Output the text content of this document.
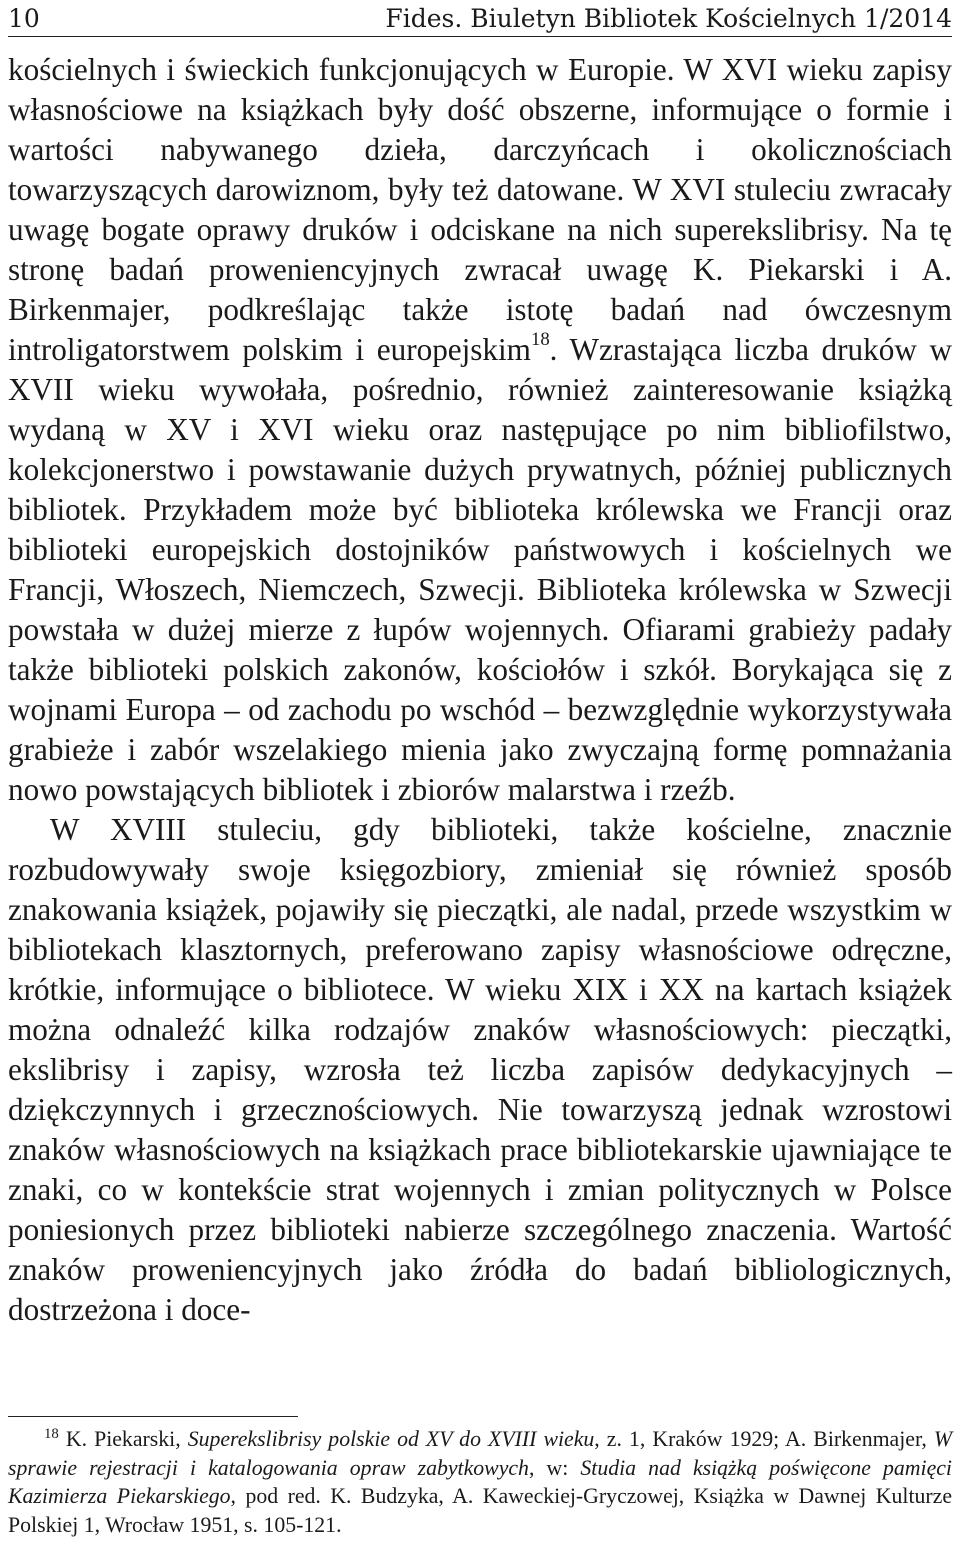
10	Fides. Biuletyn Bibliotek Kościelnych 1/2014

kościelnych i świeckich funkcjonujących w Europie. W XVI wieku zapisy własnościowe na książkach były dość obszerne, informujące o formie i wartości nabywanego dzieła, darczyńcach i okolicznościach towarzyszących darowiznom, były też datowane. W XVI stuleciu zwracały uwagę bogate oprawy druków i odciskane na nich superekslibrisy. Na tę stronę badań proweniencyjnych zwracał uwagę K. Piekarski i A. Birkenmajer, podkreślając także istotę badań nad ówczesnym introligatorstwem polskim i europejskim$^{18}$. Wzrastająca liczba druków w XVII wieku wywołała, pośrednio, również zainteresowanie książką wydaną w XV i XVI wieku oraz następujące po nim bibliofilstwo, kolekcjonerstwo i powstawanie dużych prywatnych, później publicznych bibliotek. Przykładem może być biblioteka królewska we Francji oraz biblioteki europejskich dostojników państwowych i kościelnych we Francji, Włoszech, Niemczech, Szwecji. Biblioteka królewska w Szwecji powstała w dużej mierze z łupów wojennych. Ofiarami grabieży padały także biblioteki polskich zakonów, kościołów i szkół. Borykająca się z wojnami Europa – od zachodu po wschód – bezwzględnie wykorzystywała grabieże i zabór wszelakiego mienia jako zwyczajną formę pomnażania nowo powstających bibliotek i zbiorów malarstwa i rzeźb.

W XVIII stuleciu, gdy biblioteki, także kościelne, znacznie rozbudowywały swoje księgozbiory, zmieniał się również sposób znakowania książek, pojawiły się pieczątki, ale nadal, przede wszystkim w bibliotekach klasztornych, preferowano zapisy własnościowe odręczne, krótkie, informujące o bibliotece. W wieku XIX i XX na kartach książek można odnaleźć kilka rodzajów znaków własnościowych: pieczątki, ekslibrisy i zapisy, wzrosła też liczba zapisów dedykacyjnych – dziękczynnych i grzecznościowych. Nie towarzyszą jednak wzrostowi znaków własnościowych na książkach prace bibliotekarskie ujawniające te znaki, co w kontekście strat wojennych i zmian politycznych w Polsce poniesionych przez biblioteki nabierze szczególnego znaczenia. Wartość znaków proweniencyjnych jako źródła do badań bibliologicznych, dostrzeżona i doce-

$^{18}$ K. Piekarski, Superekslibrisy polskie od XV do XVIII wieku, z. 1, Kraków 1929; A. Birkenmajer, W sprawie rejestracji i katalogowania opraw zabytkowych, w: Studia nad książką poświęcone pamięci Kazimierza Piekarskiego, pod red. K. Budzyka, A. Kaweckiej-Gryczowej, Książka w Dawnej Kulturze Polskiej 1, Wrocław 1951, s. 105-121.
